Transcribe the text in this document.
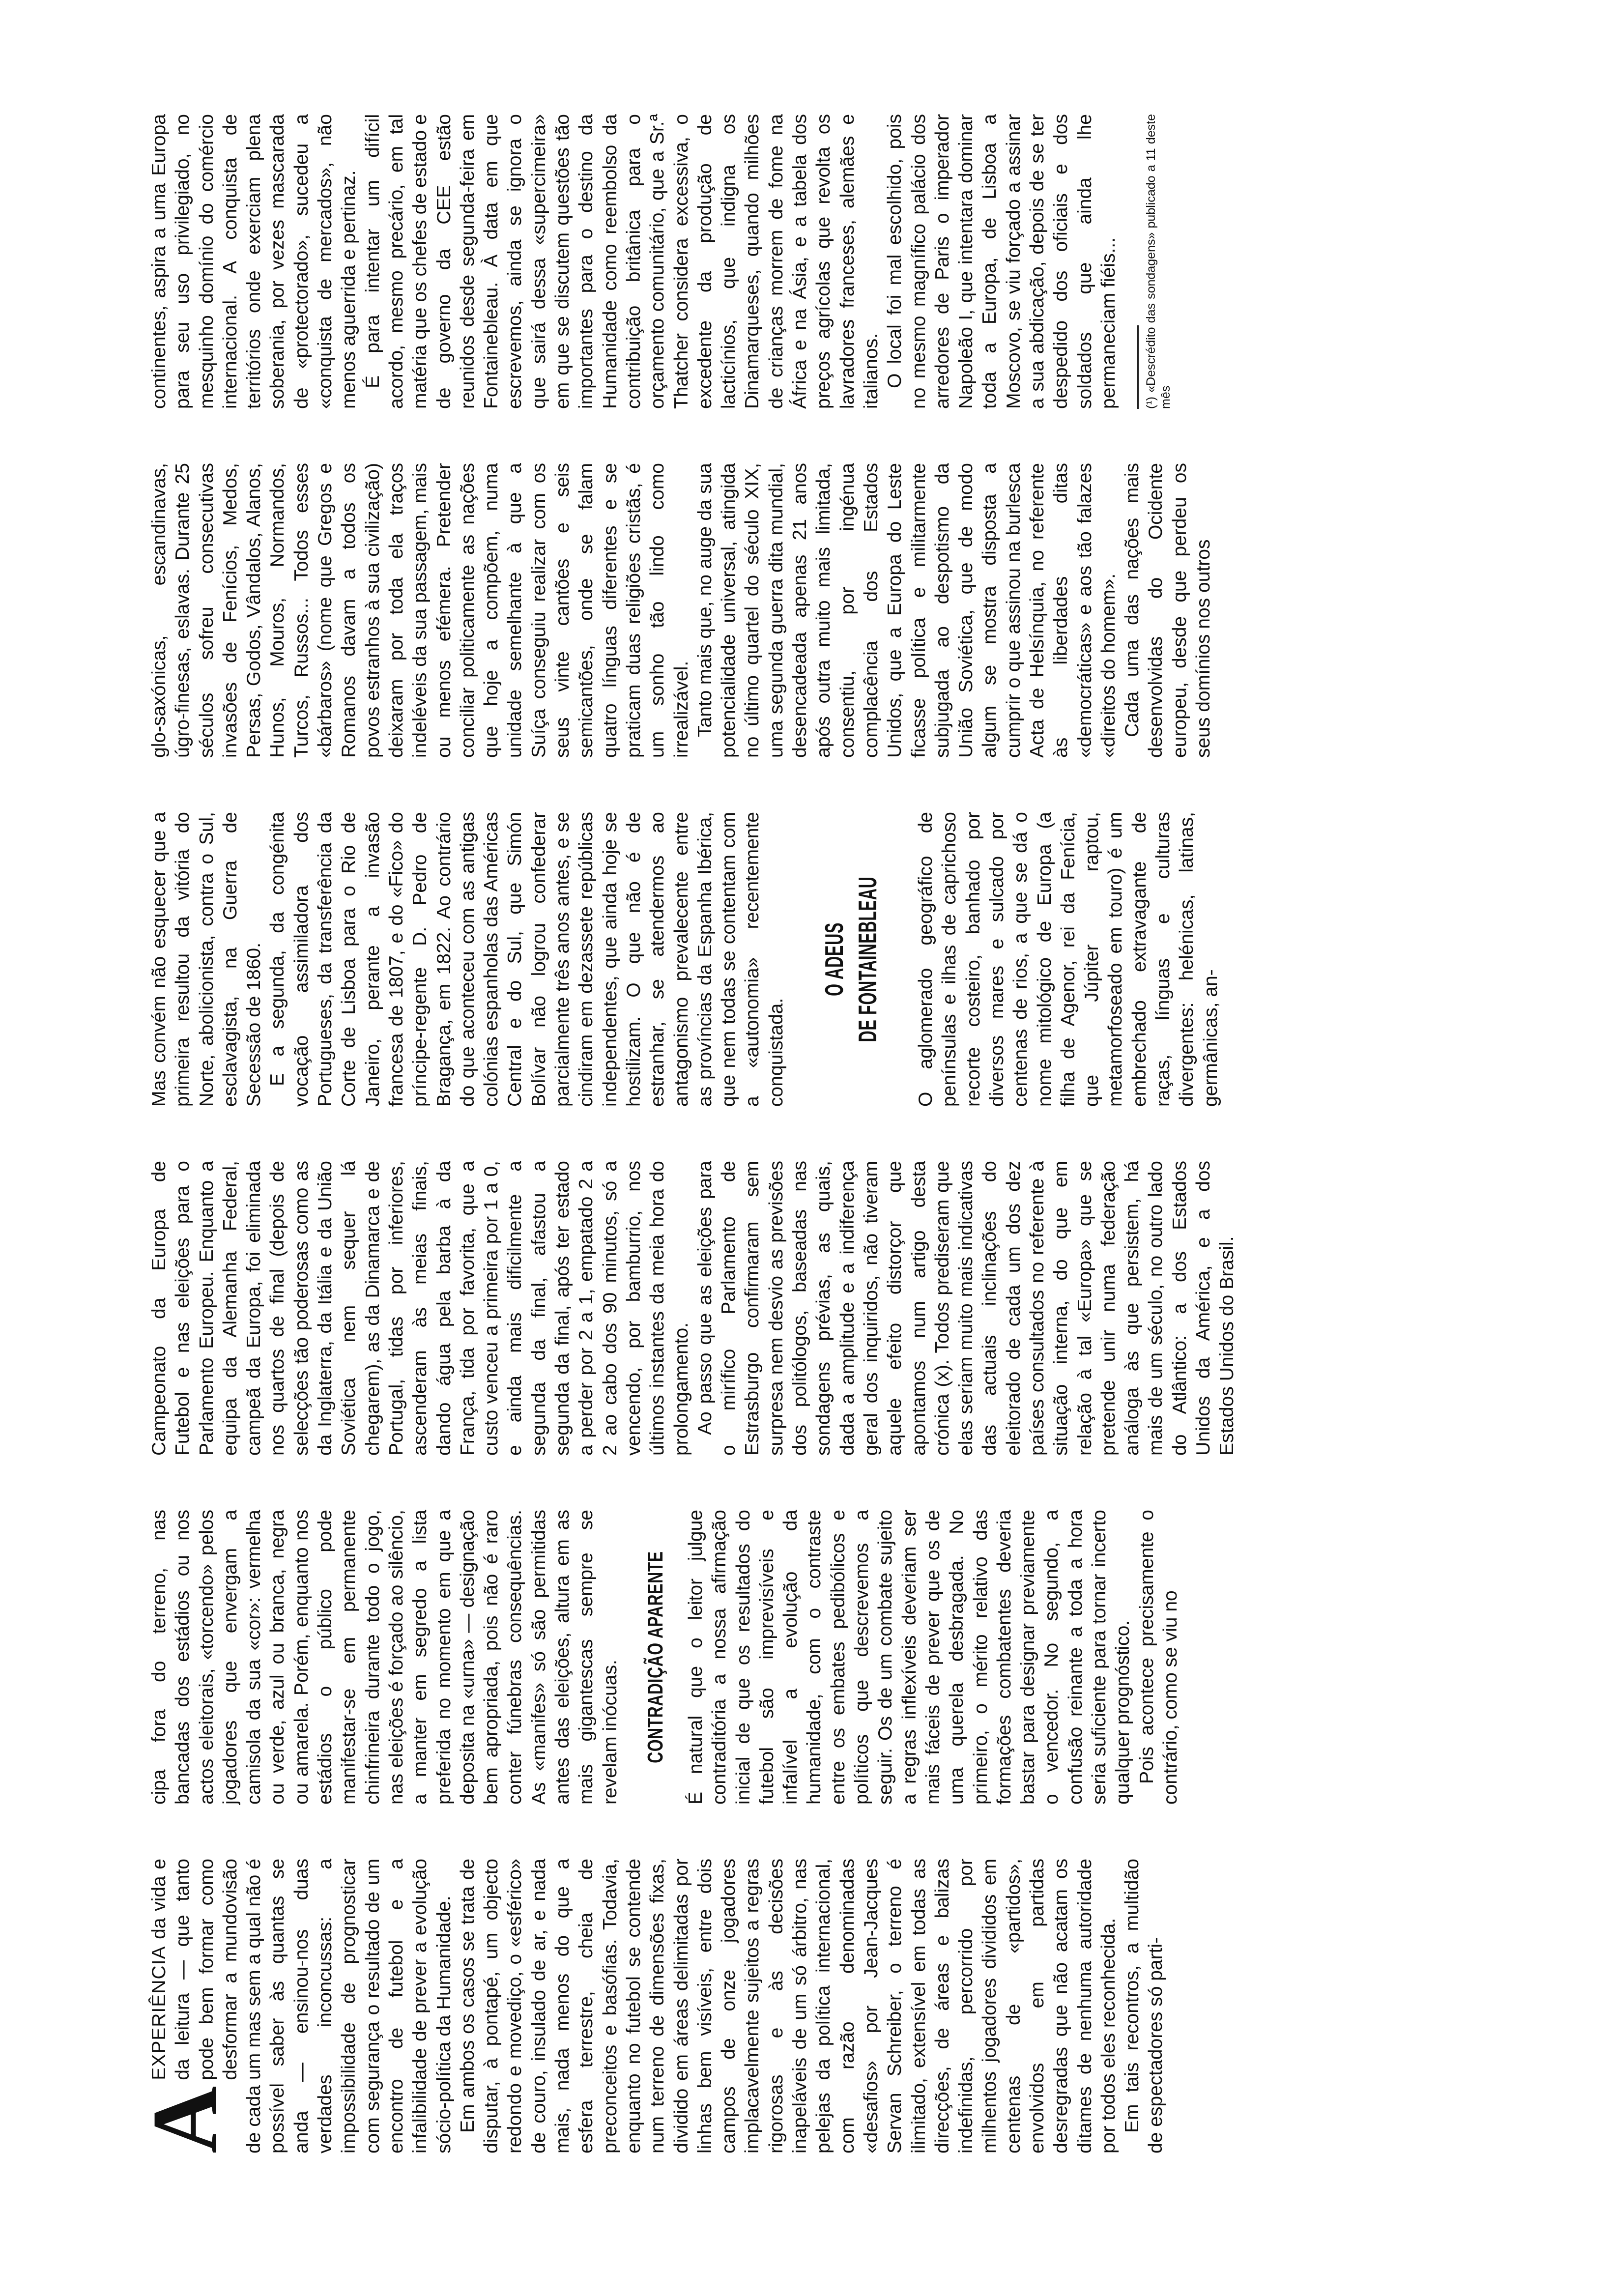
A
EXPERIÊNCIA da vida e da leitura — que tanto pode bem formar como desformar a mundovisão de cada um mas sem a qual não é possível saber às quantas se anda — ensinou-nos duas verdades inconcussas: a impossibilidade de prognosticar com segurança o resultado de um encontro de futebol e a infalibilidade de prever a evolução sócio-política da Humanidade. Em ambos os casos se trata de disputar, à pontapé, um objecto redondo e movediço, o «esférico» de couro, insulado de ar, e nada mais, nada menos do que a esfera terrestre, cheia de preconceitos e basófias. Todavia, enquanto no futebol se contende num terreno de dimensões fixas, dividido em áreas delimitadas por linhas bem visíveis, entre dois campos de onze jogadores implacavelmente sujeitos a regras rigorosas e às decisões inapeláveis de um só árbitro, nas pelejas da política internacional, com razão denominadas «desafios» por Jean-Jacques Servan Schreiber, o terreno é ilimitado, extensível em todas as direcções, de áreas e balizas indefinidas, percorrido por milhentos jogadores divididos em centenas de «partidos», envolvidos em partidas desregradas que não acatam os ditames de nenhuma autoridade por todos eles reconhecida. Em tais recontros, a multidão de espectadores só parti-

cipa fora do terreno, nas bancadas dos estádios ou nos actos eleitorais, «torcendo» pelos jogadores que envergam a camisola da sua «cor»: vermelha ou verde, azul ou branca, negra ou amarela. Porém, enquanto nos estádios o público pode manifestar-se em permanente chinfrineira durante todo o jogo, nas eleições é forçado ao silêncio, a manter em segredo a lista preferida no momento em que a deposita na «urna» — designação bem apropriada, pois não é raro conter fúnebras consequências. As «manifes» só são permitidas antes das eleições, altura em as mais gigantescas sempre se revelam inócuas. CONTRADIÇÃO APARENTE É natural que o leitor julgue contraditória a nossa afirmação inicial de que os resultados do futebol são imprevisíveis e infalível a evolução da humanidade, com o contraste entre os embates pedibólicos e políticos que descrevemos a seguir. Os de um combate sujeito a regras inflexíveis deveriam ser mais fáceis de prever que os de uma querela desbragada. No primeiro, o mérito relativo das formações combatentes deveria bastar para designar previamente o vencedor. No segundo, a confusão reinante a toda a hora seria suficiente para tornar incerto qualquer prognóstico. Pois acontece precisamente o contrário, como se viu no

Campeonato da Europa de Futebol e nas eleições para o Parlamento Europeu. Enquanto a equipa da Alemanha Federal, campeã da Europa, foi eliminada nos quartos de final (depois de selecções tão poderosas como as da Inglaterra, da Itália e da União Soviética nem sequer lá chegarem), as da Dinamarca e de Portugal, tidas por inferiores, ascenderam às meias finais, dando água pela barba à da França, tida por favorita, que a custo venceu a primeira por 1 a 0, e ainda mais dificilmente a segunda da final, afastou a segunda da final, após ter estado a perder por 2 a 1, empatado 2 a 2 ao cabo dos 90 minutos, só a vencendo, por bamburrio, nos últimos instantes da meia hora do prolongamento. Ao passo que as eleições para o mirífico Parlamento de Estrasburgo confirmaram sem surpresa nem desvio as previsões dos politólogos, baseadas nas sondagens prévias, as quais, dada a amplitude e a indiferença geral dos inquiridos, não tiveram aquele efeito distorçor que apontamos num artigo desta crónica (x). Todos prediseram que elas seriam muito mais indicativas das actuais inclinações do eleitorado de cada um dos dez países consultados no referente à situação interna, do que em relação à tal «Europa» que se pretende unir numa federação análoga às que persistem, há mais de um século, no outro lado do Atlântico: a dos Estados Unidos da América, e a dos Estados Unidos do Brasil.

Mas convém não esquecer que a primeira resultou da vitória do Norte, abolicionista, contra o Sul, esclavagista, na Guerra de Secessão de 1860. E a segunda, da congénita vocação assimiladora dos Portugueses, da transferência da Corte de Lisboa para o Rio de Janeiro, perante a invasão francesa de 1807, e do «Fico» do príncipe-regente D. Pedro de Bragança, em 1822. Ao contrário do que aconteceu com as antigas colónias espanholas das Américas Central e do Sul, que Simón Bolívar não logrou confederar parcialmente três anos antes, e se cindiram em dezassete repúblicas independentes, que ainda hoje se hostilizam. O que não é de estranhar, se atendermos ao antagonismo prevalecente entre as províncias da Espanha Ibérica, que nem todas se contentam com a «autonomia» recentemente conquistada.

O ADEUS DE FONTAINEBLEAU O aglomerado geográfico de penínsulas e ilhas de caprichoso recorte costeiro, banhado por diversos mares e sulcado por centenas de rios, a que se dá o nome mitológico de Europa (a filha de Agenor, rei da Fenícia, que Júpiter raptou, metamorfoseado em touro) é um embrechado extravagante de raças, línguas e culturas divergentes: helénicas, latinas, germânicas, an-

glo-saxónicas, escandinavas, úgro-finesas, eslavas. Durante 25 séculos sofreu consecutivas invasões de Fenícios, Medos, Persas, Godos, Vândalos, Alanos, Hunos, Mouros, Normandos, Turcos, Russos... Todos esses «bárbaros» (nome que Gregos e Romanos davam a todos os povos estranhos à sua civilização) deixaram por toda ela traços indeléveis da sua passagem, mais ou menos efémera. Pretender conciliar politicamente as nações que hoje a compõem, numa unidade semelhante à que a Suíça conseguiu realizar com os seus vinte cantões e seis semicantões, onde se falam quatro línguas diferentes e se praticam duas religiões cristãs, é um sonho tão lindo como irrealizável. Tanto mais que, no auge da sua potencialidade universal, atingida no último quartel do século XIX, uma segunda guerra dita mundial, desencadeada apenas 21 anos após outra muito mais limitada, consentiu, por ingénua complacência dos Estados Unidos, que a Europa do Leste ficasse política e militarmente subjugada ao despotismo da União Soviética, que de modo algum se mostra disposta a cumprir o que assinou na burlesca Acta de Helsínquia, no referente às liberdades ditas «democráticas» e aos tão falazes «direitos do homem». Cada uma das nações mais desenvolvidas do Ocidente europeu, desde que perdeu os seus domínios nos outros

continentes, aspira a uma Europa para seu uso privilegiado, no mesquinho domínio do comércio internacional. A conquista de territórios onde exerciam plena soberania, por vezes mascarada de «protectorado», sucedeu a «conquista de mercados», não menos aguerrida e pertinaz. É para intentar um difícil acordo, mesmo precário, em tal matéria que os chefes de estado e de governo da CEE estão reunidos desde segunda-feira em Fontainebleau. À data em que escrevemos, ainda se ignora o que sairá dessa «supercimeira» em que se discutem questões tão importantes para o destino da Humanidade como reembolso da contribuição britânica para o orçamento comunitário, que a Sr.ª Thatcher considera excessiva, o excedente da produção de lacticínios, que indigna os Dinamarqueses, quando milhões de crianças morrem de fome na África e na Ásia, e a tabela dos preços agrícolas que revolta os lavradores franceses, alemães e italianos. O local foi mal escolhido, pois no mesmo magnífico palácio dos arredores de Paris o imperador Napoleão I, que intentara dominar toda a Europa, de Lisboa a Moscovo, se viu forçado a assinar a sua abdicação, depois de se ter despedido dos oficiais e dos soldados que ainda lhe permaneciam fiéis... (¹) «Descrédito das sondagens» publicado a 11 deste mês
